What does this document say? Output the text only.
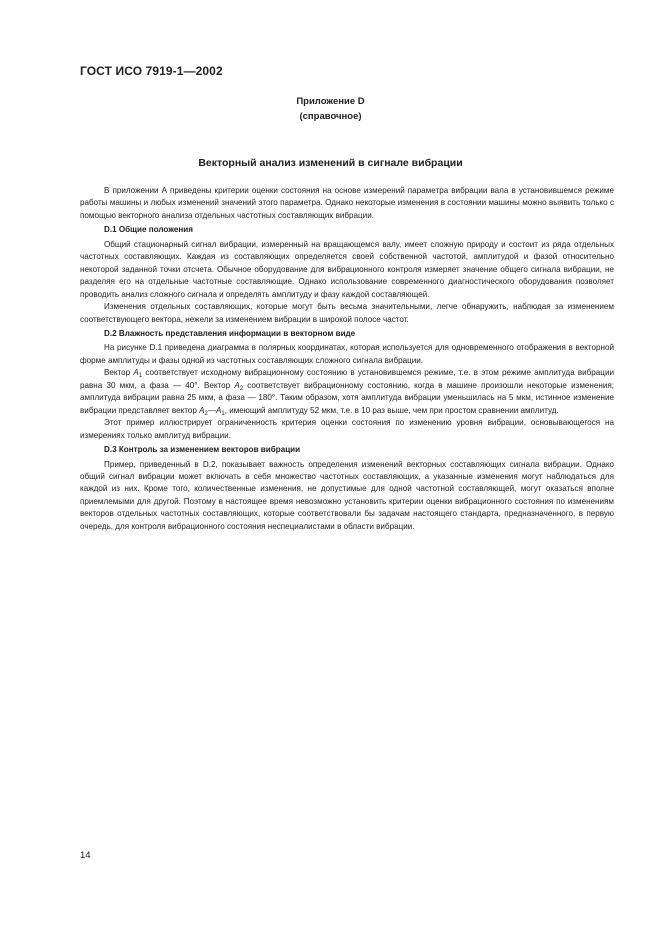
ГОСТ ИСО 7919-1—2002
Приложение D
(справочное)
Векторный анализ изменений в сигнале вибрации

В приложении А приведены критерии оценки состояния на основе измерений параметра вибрации вала в установившемся режиме работы машины и любых изменений значений этого параметра. Однако некоторые изменения в состоянии машины можно выявить только с помощью векторного анализа отдельных частотных составляющих вибрации.

D.1 Общие положения

Общий стационарный сигнал вибрации, измеренный на вращающемся валу, имеет сложную природу и состоит из ряда отдельных частотных составляющих. Каждая из составляющих определяется своей собственной частотой, амплитудой и фазой относительно некоторой заданной точки отсчета. Обычное оборудование для вибрационного контроля измеряет значение общего сигнала вибрации, не разделяя его на отдельные частотные составляющие. Однако использование современного диагностического оборудования позволяет проводить анализ сложного сигнала и определять амплитуду и фазу каждой составляющей.

Изменения отдельных составляющих, которые могут быть весьма значительными, легче обнаружить, наблюдая за изменением соответствующего вектора, нежели за изменением вибрации в широкой полосе частот.

D.2 Влажность представления информации в векторном виде

На рисунке D.1 приведена диаграмма в полярных координатах, которая используется для одновременного отображения в векторной форме амплитуды и фазы одной из частотных составляющих сложного сигнала вибрации.

Вектор $A_1$ соответствует исходному вибрационному состоянию в установившемся режиме, т.е. в этом режиме амплитуда вибрации равна 30 мкм, а фаза — 40°. Вектор $A_2$ соответствует вибрационному состоянию, когда в машине произошли некоторые изменения; амплитуда вибрации равна 25 мкм, а фаза — 180°. Таким образом, хотя амплитуда вибрации уменьшилась на 5 мкм, истинное изменение вибрации представляет вектор $A_2—A_1$, имеющий амплитуду 52 мкм, т.е. в 10 раз выше, чем при простом сравнении амплитуд.

Этот пример иллюстрирует ограниченность критерия оценки состояния по изменению уровня вибрации, основывающегося на измерениях только амплитуд вибрации.

D.3 Контроль за изменением векторов вибрации

Пример, приведенный в D.2, показывает важность определения изменений векторных составляющих сигнала вибрации. Однако общий сигнал вибрации может включать в себя множество частотных составляющих, а указанные изменения могут наблюдаться для каждой из них. Кроме того, количественные изменения, не допустимые для одной частотной составляющей, могут оказаться вполне приемлемыми для другой. Поэтому в настоящее время невозможно установить критерии оценки вибрационного состояния по изменениям векторов отдельных частотных составляющих, которые соответствовали бы задачам настоящего стандарта, предназначенного, в первую очередь, для контроля вибрационного состояния неспециалистами в области вибрации.

14
